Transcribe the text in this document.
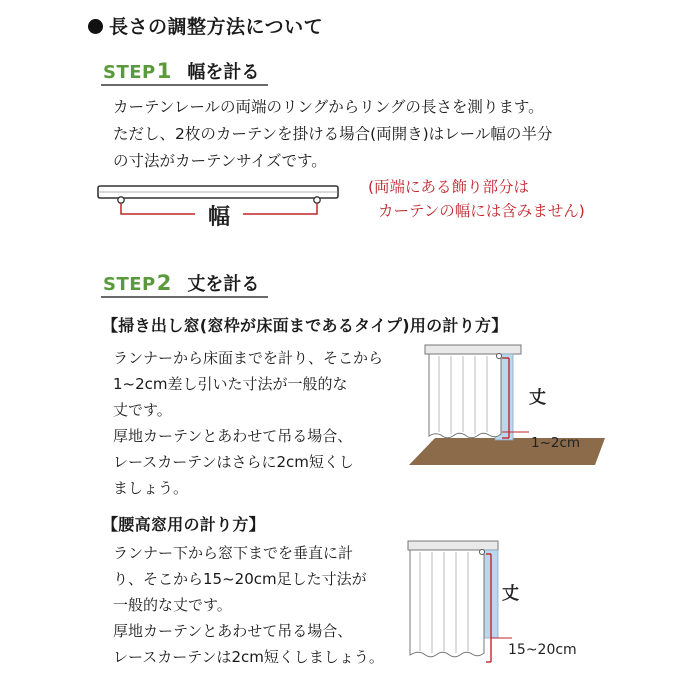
長さの調整方法について
STEP 1 幅を計る
カーテンレールの両端のリングからリングの長さを測ります。
ただし、2枚のカーテンを掛ける場合(両開き)はレール幅の半分
の寸法がカーテンサイズです。
幅
(両端にある飾り部分は
カーテンの幅には含みません)
STEP 2 丈を計る
【掃き出し窓(窓枠が床面まであるタイプ)用の計り方】
ランナーから床面までを計り、そこから
1~2cm差し引いた寸法が一般的な
丈です。
厚地カーテンとあわせて吊る場合、
レースカーテンはさらに2cm短くし
ましょう。
丈
1~2cm
【腰高窓用の計り方】
ランナー下から窓下までを垂直に計
り、そこから15~20cm足した寸法が
一般的な丈です。
厚地カーテンとあわせて吊る場合、
レースカーテンは2cm短くしましょう。
丈
15~20cm
